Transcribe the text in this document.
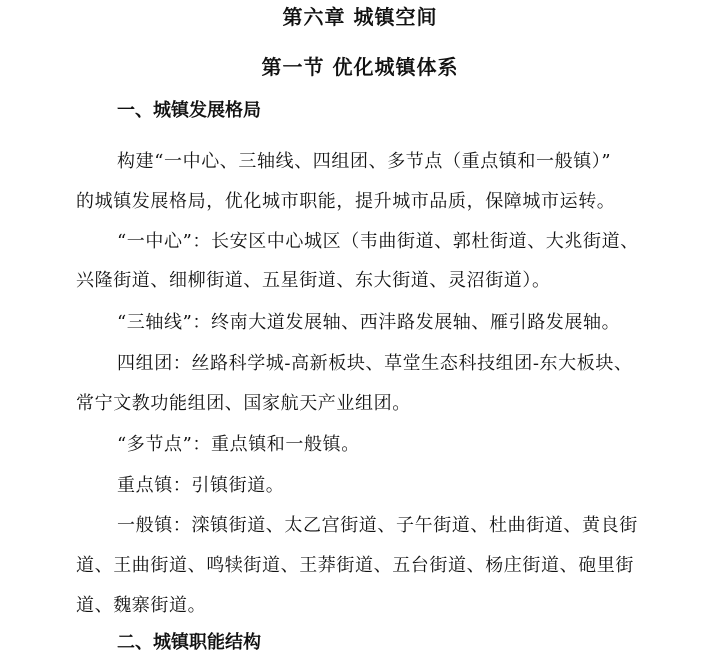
第六章 城镇空间
第一节 优化城镇体系
一、城镇发展格局
构建“一中心、三轴线、四组团、多节点（重点镇和一般镇）”
的城镇发展格局，优化城市职能，提升城市品质，保障城市运转。
“一中心”：长安区中心城区（韦曲街道、郭杜街道、大兆街道、
兴隆街道、细柳街道、五星街道、东大街道、灵沼街道）。
“三轴线”：终南大道发展轴、西沣路发展轴、雁引路发展轴。
四组团：丝路科学城-高新板块、草堂生态科技组团-东大板块、
常宁文教功能组团、国家航天产业组团。
“多节点”：重点镇和一般镇。
重点镇：引镇街道。
一般镇：滦镇街道、太乙宫街道、子午街道、杜曲街道、黄良街
道、王曲街道、鸣犊街道、王莽街道、五台街道、杨庄街道、砲里街
道、魏寨街道。
二、城镇职能结构
